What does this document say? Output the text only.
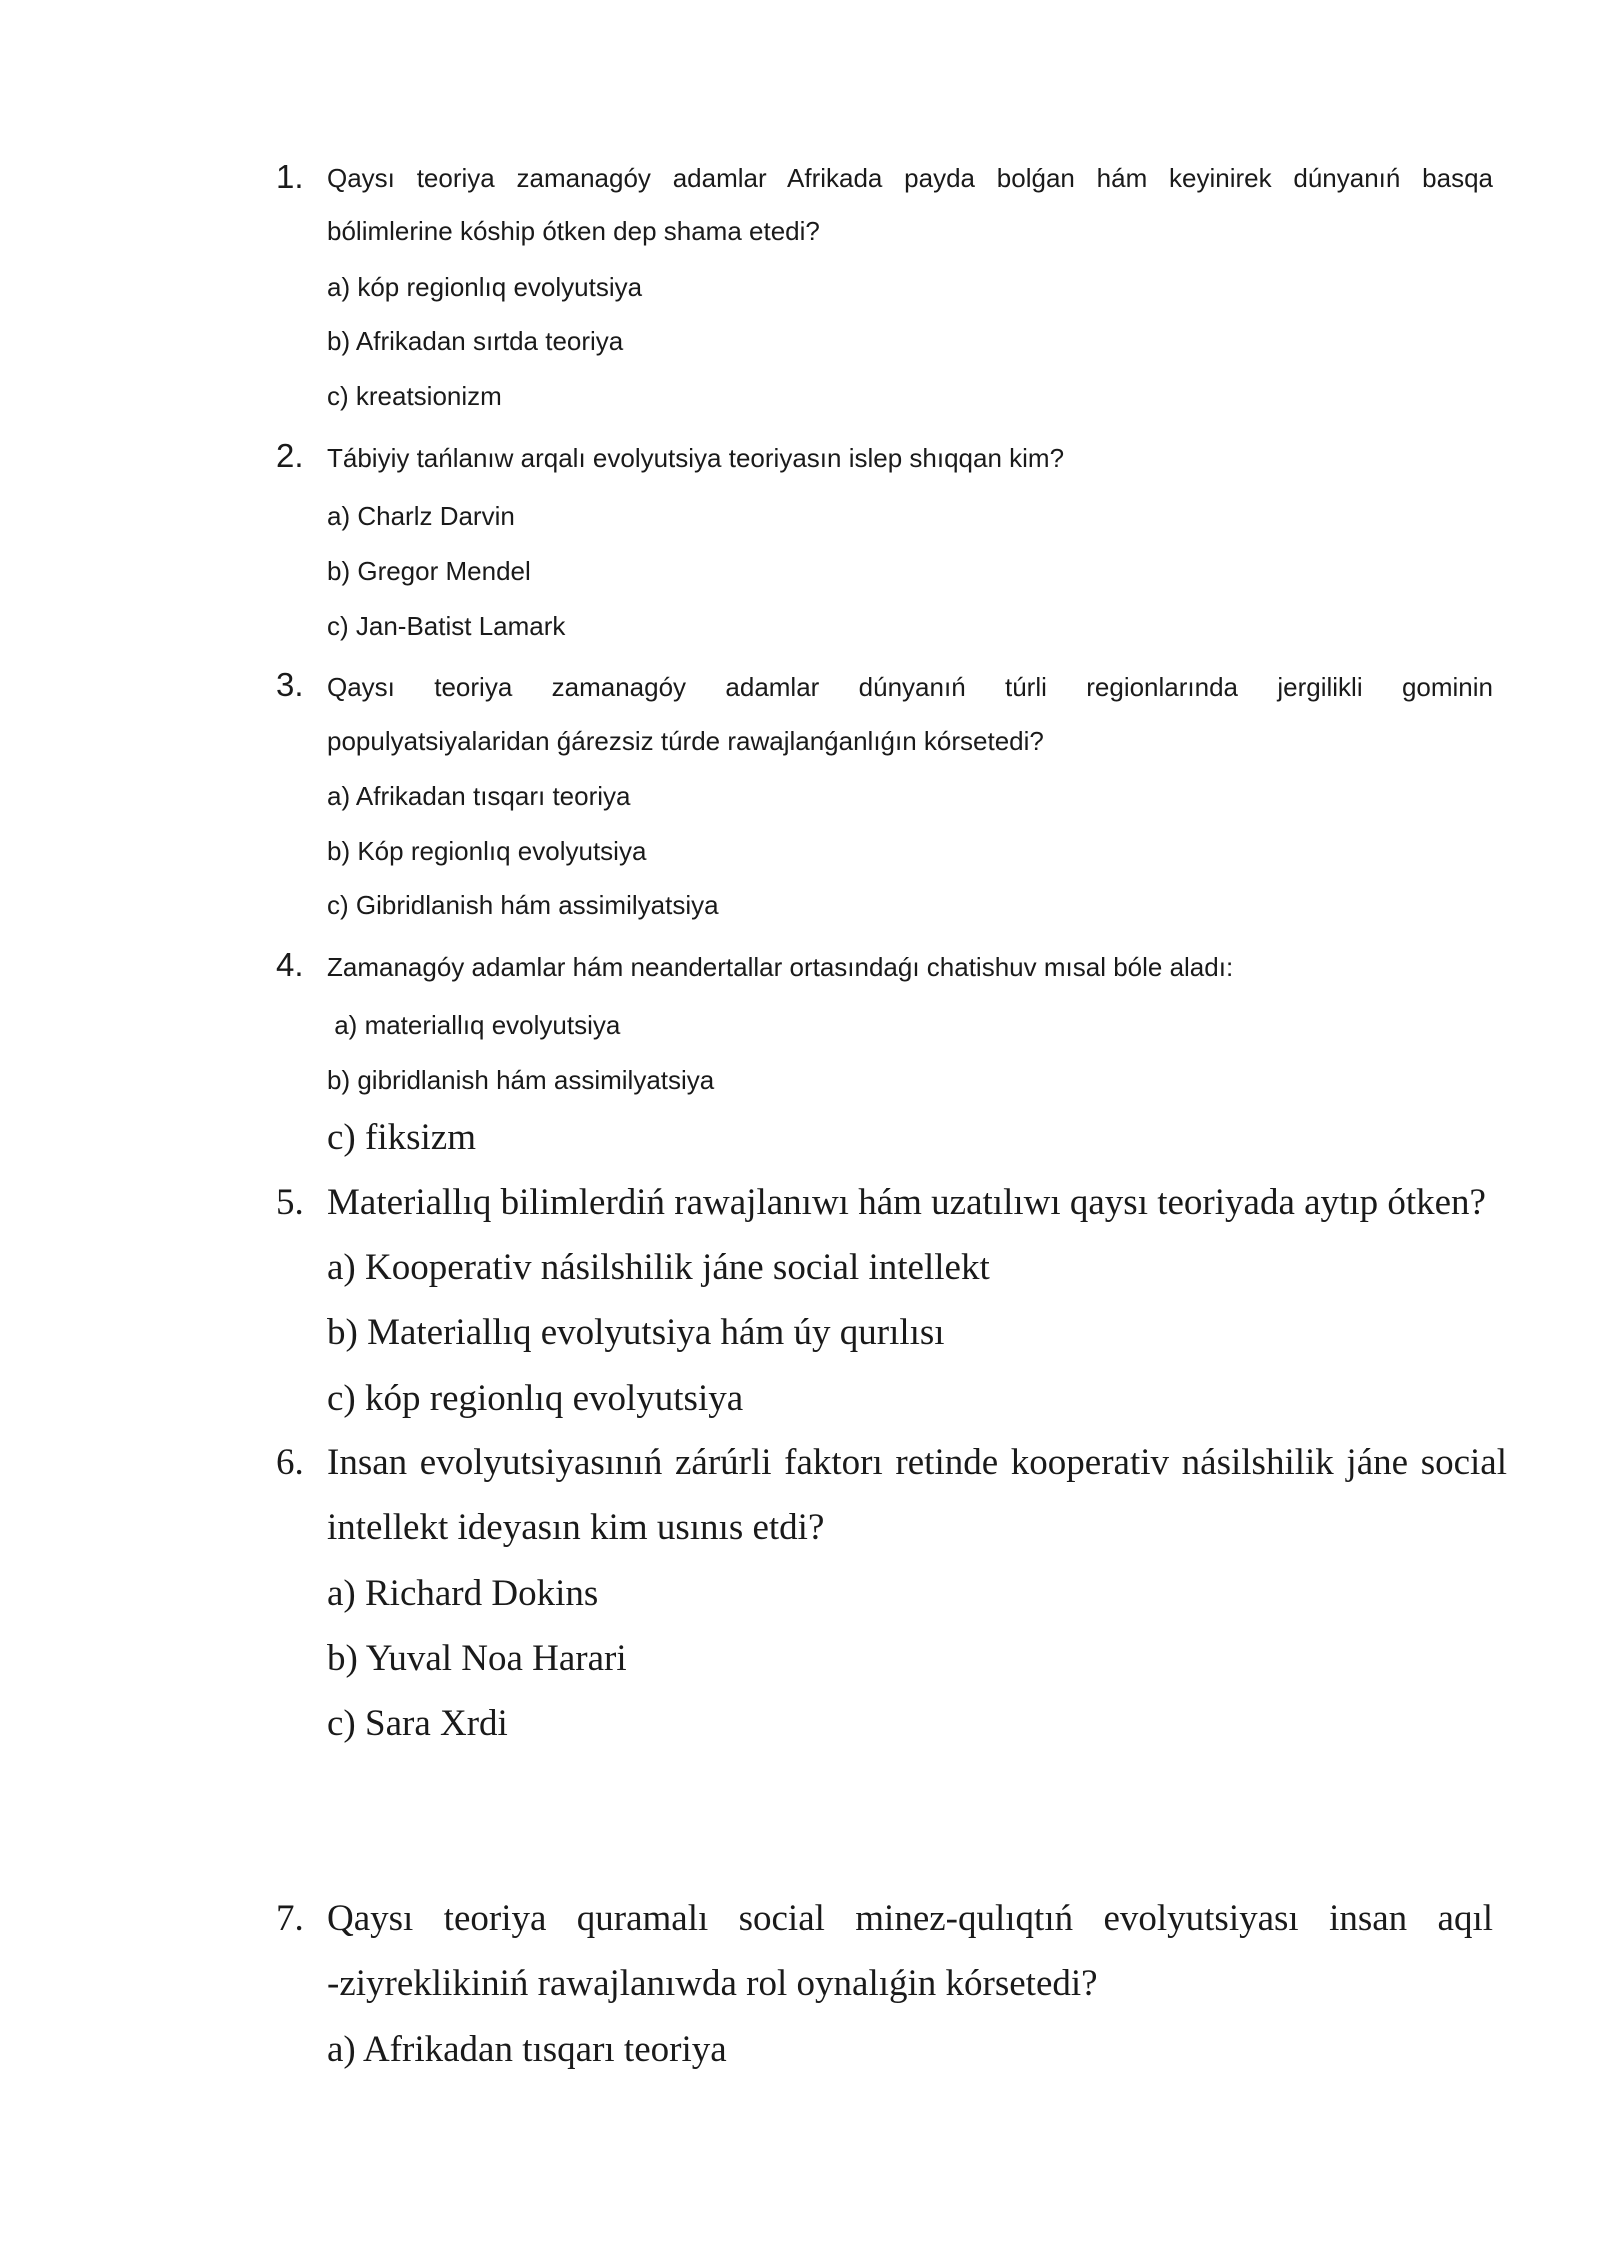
1. Qaysı teoriya zamanagóy adamlar Afrikada payda bolǵan hám keyinirek dúnyanıń basqa
bólimlerine kóship ótken dep shama etedi?
a) kóp regionlıq evolyutsiya
b) Afrikadan sırtda teoriya
c) kreatsionizm
2. Tábiyiy tańlanıw arqalı evolyutsiya teoriyasın islep shıqqan kim?
a) Charlz Darvin
b) Gregor Mendel
c) Jan-Batist Lamark
3. Qaysı teoriya zamanagóy adamlar dúnyanıń túrli regionlarında jergilikli gominin
populyatsiyalaridan ǵárezsiz túrde rawajlanǵanlıǵın kórsetedi?
a) Afrikadan tısqarı teoriya
b) Kóp regionlıq evolyutsiya
c) Gibridlanish hám assimilyatsiya
4. Zamanagóy adamlar hám neandertallar ortasındaǵı chatishuv mısal bóle aladı:
a) materiallıq evolyutsiya
b) gibridlanish hám assimilyatsiya
c) fiksizm
5. Materiallıq bilimlerdiń rawajlanıwı hám uzatılıwı qaysı teoriyada aytıp ótken?
a) Kooperativ násilshilik jáne social intellekt
b) Materiallıq evolyutsiya hám úy qurılısı
c) kóp regionlıq evolyutsiya
6. Insan evolyutsiyasınıń zárúrli faktorı retinde kooperativ násilshilik jáne social
intellekt ideyasın kim usınıs etdi?
a) Richard Dokins
b) Yuval Noa Harari
c) Sara Xrdi
7. Qaysı teoriya quramalı social minez-qulıqtıń evolyutsiyası insan aqıl
-ziyreklikiniń rawajlanıwda rol oynalıǵin kórsetedi?
a) Afrikadan tısqarı teoriya
